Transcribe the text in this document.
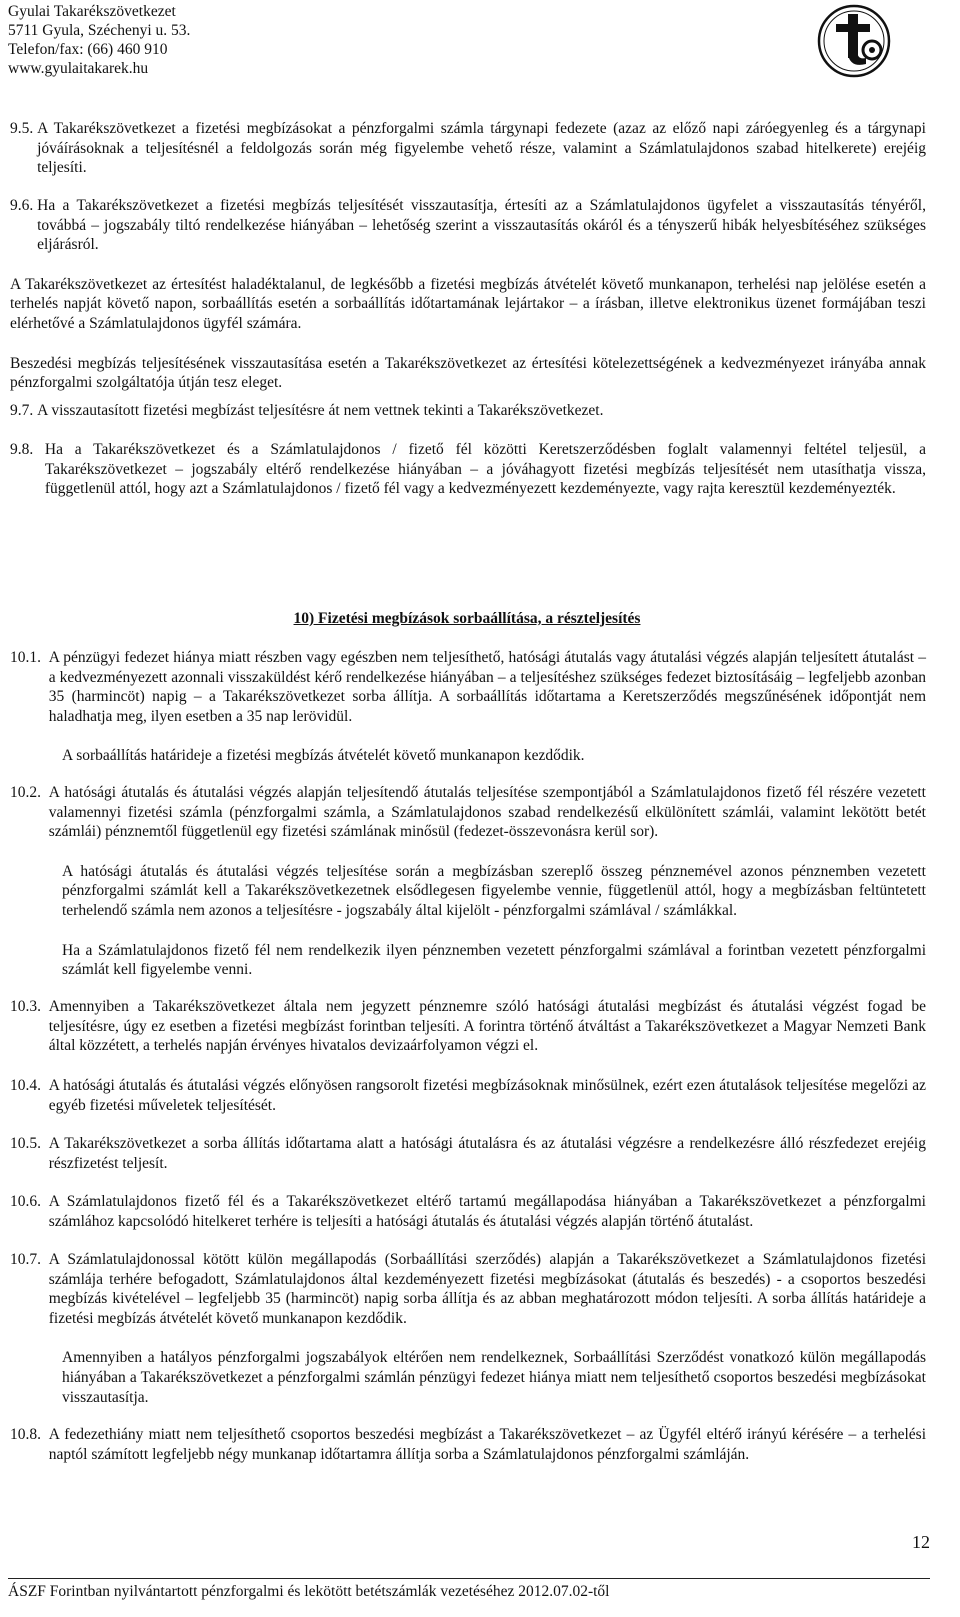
Gyulai Takarékszövetkezet
5711 Gyula, Széchenyi u. 53.
Telefon/fax: (66) 460 910
www.gyulaitakarek.hu
9.5. A Takarékszövetkezet a fizetési megbízásokat a pénzforgalmi számla tárgynapi fedezete (azaz az előző napi záróegyenleg és a tárgynapi jóváírásoknak a teljesítésnél a feldolgozás során még figyelembe vehető része, valamint a Számlatulajdonos szabad hitelkerete) erejéig teljesíti.
9.6. Ha a Takarékszövetkezet a fizetési megbízás teljesítését visszautasítja, értesíti az a Számlatulajdonos ügyfelet a visszautasítás tényéről, továbbá – jogszabály tiltó rendelkezése hiányában – lehetőség szerint a visszautasítás okáról és a tényszerű hibák helyesbítéséhez szükséges eljárásról.
A Takarékszövetkezet az értesítést haladéktalanul, de legkésőbb a fizetési megbízás átvételét követő munkanapon, terhelési nap jelölése esetén a terhelés napját követő napon, sorbaállítás esetén a sorbaállítás időtartamának lejártakor – a írásban, illetve elektronikus üzenet formájában teszi elérhetővé a Számlatulajdonos ügyfél számára.
Beszedési megbízás teljesítésének visszautasítása esetén a Takarékszövetkezet az értesítési kötelezettségének a kedvezményezet irányába annak pénzforgalmi szolgáltatója útján tesz eleget.
9.7. A visszautasított fizetési megbízást teljesítésre át nem vettnek tekinti a Takarékszövetkezet.
9.8. Ha a Takarékszövetkezet és a Számlatulajdonos / fizető fél közötti Keretszerződésben foglalt valamennyi feltétel teljesül, a Takarékszövetkezet – jogszabály eltérő rendelkezése hiányában – a jóváhagyott fizetési megbízás teljesítését nem utasíthatja vissza, függetlenül attól, hogy azt a Számlatulajdonos / fizető fél vagy a kedvezményezett kezdeményezte, vagy rajta keresztül kezdeményezték.
10) Fizetési megbízások sorbaállítása, a részteljesítés
10.1. A pénzügyi fedezet hiánya miatt részben vagy egészben nem teljesíthető, hatósági átutalás vagy átutalási végzés alapján teljesített átutalást – a kedvezményezett azonnali visszaküldést kérő rendelkezése hiányában – a teljesítéshez szükséges fedezet biztosításáig – legfeljebb azonban 35 (harmincöt) napig – a Takarékszövetkezet sorba állítja. A sorbaállítás időtartama a Keretszerződés megszűnésének időpontját nem haladhatja meg, ilyen esetben a 35 nap lerövidül.
A sorbaállítás határideje a fizetési megbízás átvételét követő munkanapon kezdődik.
10.2. A hatósági átutalás és átutalási végzés alapján teljesítendő átutalás teljesítése szempontjából a Számlatulajdonos fizető fél részére vezetett valamennyi fizetési számla (pénzforgalmi számla, a Számlatulajdonos szabad rendelkezésű elkülönített számlái, valamint lekötött betét számlái) pénznemtől függetlenül egy fizetési számlának minősül (fedezet-összevonásra kerül sor).
A hatósági átutalás és átutalási végzés teljesítése során a megbízásban szereplő összeg pénznemével azonos pénznemben vezetett pénzforgalmi számlát kell a Takarékszövetkezetnek elsődlegesen figyelembe vennie, függetlenül attól, hogy a megbízásban feltüntetett terhelendő számla nem azonos a teljesítésre - jogszabály által kijelölt - pénzforgalmi számlával / számlákkal.
Ha a Számlatulajdonos fizető fél nem rendelkezik ilyen pénznemben vezetett pénzforgalmi számlával a forintban vezetett pénzforgalmi számlát kell figyelembe venni.
10.3. Amennyiben a Takarékszövetkezet általa nem jegyzett pénznemre szóló hatósági átutalási megbízást és átutalási végzést fogad be teljesítésre, úgy ez esetben a fizetési megbízást forintban teljesíti. A forintra történő átváltást a Takarékszövetkezet a Magyar Nemzeti Bank által közzétett, a terhelés napján érvényes hivatalos devizaárfolyamon végzi el.
10.4. A hatósági átutalás és átutalási végzés előnyösen rangsorolt fizetési megbízásoknak minősülnek, ezért ezen átutalások teljesítése megelőzi az egyéb fizetési műveletek teljesítését.
10.5. A Takarékszövetkezet a sorba állítás időtartama alatt a hatósági átutalásra és az átutalási végzésre a rendelkezésre álló részfedezet erejéig részfizetést teljesít.
10.6. A Számlatulajdonos fizető fél és a Takarékszövetkezet eltérő tartamú megállapodása hiányában a Takarékszövetkezet a pénzforgalmi számlához kapcsolódó hitelkeret terhére is teljesíti a hatósági átutalás és átutalási végzés alapján történő átutalást.
10.7. A Számlatulajdonossal kötött külön megállapodás (Sorbaállítási szerződés) alapján a Takarékszövetkezet a Számlatulajdonos fizetési számlája terhére befogadott, Számlatulajdonos által kezdeményezett fizetési megbízásokat (átutalás és beszedés) - a csoportos beszedési megbízás kivételével – legfeljebb 35 (harmincöt) napig sorba állítja és az abban meghatározott módon teljesíti. A sorba állítás határideje a fizetési megbízás átvételét követő munkanapon kezdődik.
Amennyiben a hatályos pénzforgalmi jogszabályok eltérően nem rendelkeznek, Sorbaállítási Szerződést vonatkozó külön megállapodás hiányában a Takarékszövetkezet a pénzforgalmi számlán pénzügyi fedezet hiánya miatt nem teljesíthető csoportos beszedési megbízásokat visszautasítja.
10.8. A fedezethiány miatt nem teljesíthető csoportos beszedési megbízást a Takarékszövetkezet – az Ügyfél eltérő irányú kérésére – a terhelési naptól számított legfeljebb négy munkanap időtartamra állítja sorba a Számlatulajdonos pénzforgalmi számláján.
12
ÁSZF Forintban nyilvántartott pénzforgalmi és lekötött betétszámlák vezetéséhez 2012.07.02-től
